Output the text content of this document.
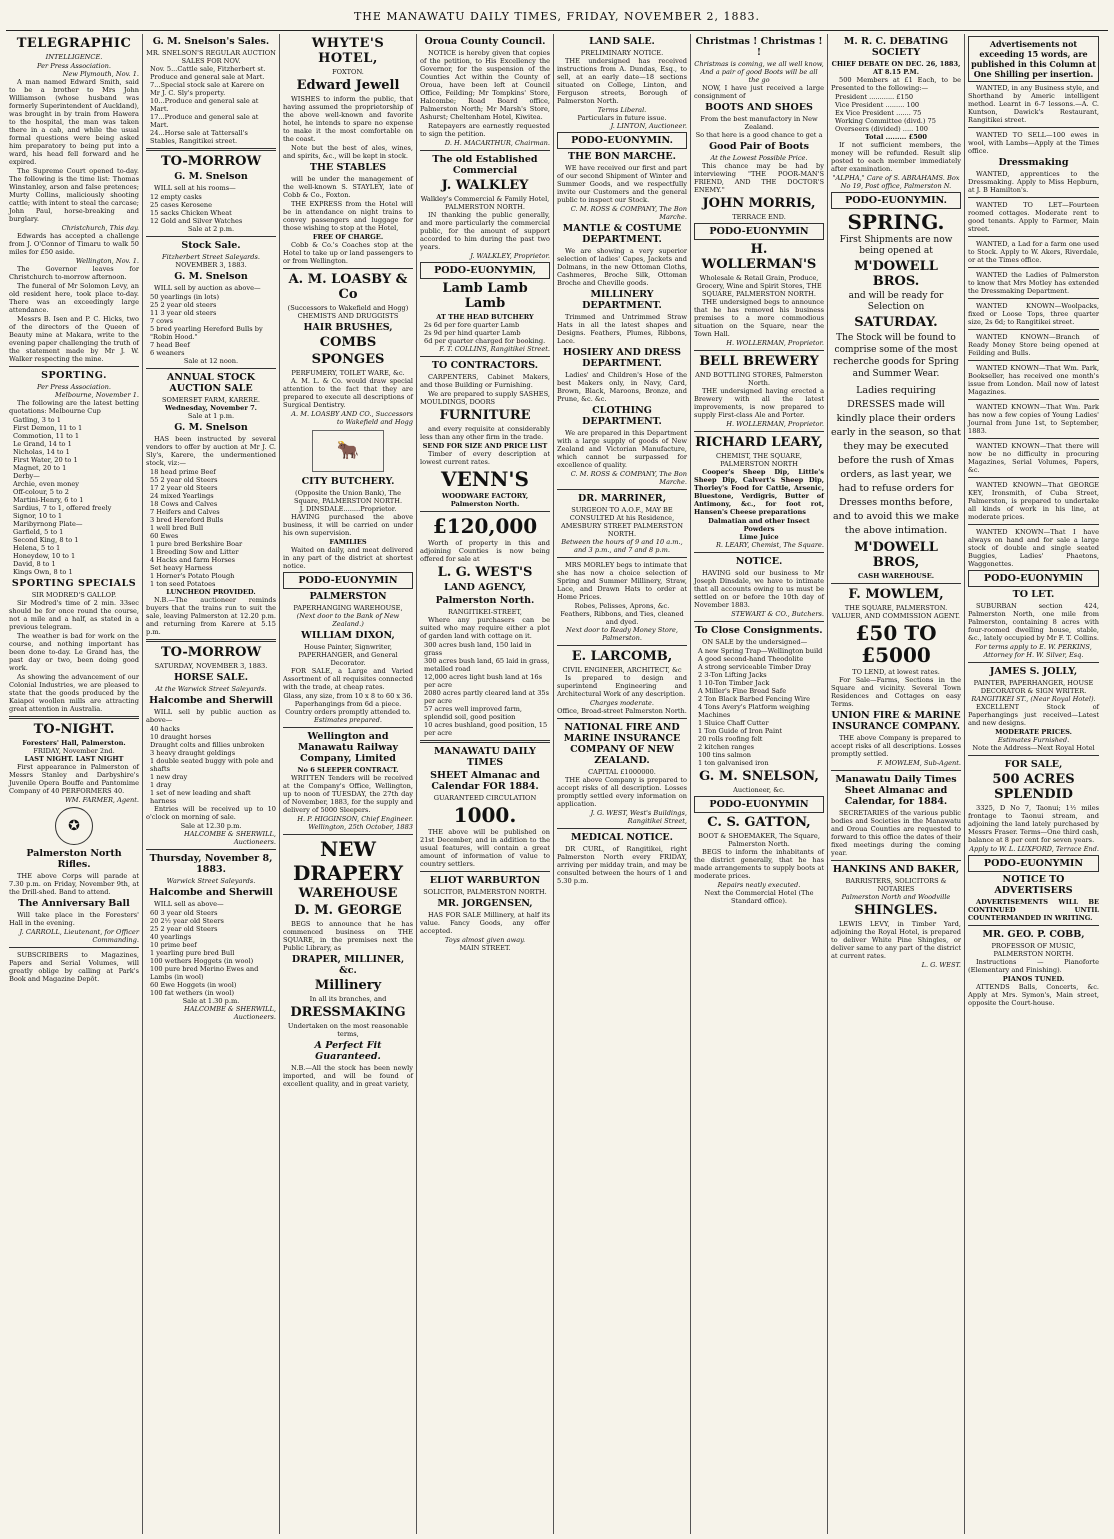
THE MANAWATU DAILY TIMES, FRIDAY, NOVEMBER 2, 1883.
TELEGRAPHIC
INTELLIGENCE.
Per Press Association.
New Plymouth, Nov. 1.

A man named Edward Smith, said to be a brother to Mrs John Williamson (whose husband was formerly Superintendent of Auckland), was brought in by train from Hawera to the hospital, the man was taken there in a cab, and while the usual formal questions were being asked him preparatory to being put into a ward, his head fell forward and he expired.

The Supreme Court opened to-day. The following is the time list: Thomas Winstanley, arson and false pretences; Murty Collins, maliciously shooting cattle; with intent to steal the carcase; John Paul, horse-breaking and burglary.

Christchurch, This day.

Edwards has accepted a challenge from J. O'Connor of Timaru to walk 50 miles for £50 aside.

Wellington, Nov. 1.

The Governor leaves for Christchurch to-morrow afternoon.

The funeral of Mr Solomon Levy, an old resident here, took place to-day. There was an exceedingly large attendance.

Messrs B. Isen and P. C. Hicks, two of the directors of the Queen of Beauty mine at Makara, write to the evening paper challenging the truth of the statement made by Mr J. W. Walker respecting the mine.

SPORTING.
Per Press Association.
Melbourne, November 1.

The following are the latest betting quotations: Melbourne Cup

Gatling, 3 to 1
First Demon, 11 to 1
Commotion, 11 to 1
Le Grand, 14 to 1
Nicholas, 14 to 1
First Water, 20 to 1
Magnet, 20 to 1
Derby—
Archie, even money
Off-colour, 5 to 2
Martini-Henry, 6 to 1
Sardius, 7 to 1, offered freely
Signor, 10 to 1
Maribyrnong Plate—
Garfield, 5 to 1
Second King, 8 to 1
Helena, 5 to 1
Honeydew, 10 to 1
David, 8 to 1
Kings Own, 8 to 1
SPORTING SPECIALS
SIR MODRED'S GALLOP.

Sir Modred's time of 2 min. 33sec should be for once round the course, not a mile and a half, as stated in a previous telegram.

The weather is bad for work on the course, and nothing important has been done to-day. Le Grand has, the past day or two, been doing good work.

As showing the advancement of our Colonial Industries, we are pleased to state that the goods produced by the Kaiapoi woollen mills are attracting great attention in Australia.

TO-NIGHT.
Foresters' Hall, Palmerston.
FRIDAY, November 2nd.
LAST NIGHT. LAST NIGHT

First appearance in Palmerston of Messrs Stanley and Darbyshire's Juvenile Opera Bouffe and Pantomime Company of 40 PERFORMERS 40.

WM. FARMER, Agent.
✪
Palmerston North Rifles.

THE above Corps will parade at 7.30 p.m. on Friday, November 9th, at the Drill-shed. Band to attend.

The Anniversary Ball

Will take place in the Foresters' Hall in the evening.

J. CARROLL, Lieutenant, for Officer Commanding.

SUBSCRIBERS to Magazines, Papers and Serial Volumes, will greatly oblige by calling at Park's Book and Magazine Depôt.

G. M. Snelson's Sales.
MR. SNELSON'S REGULAR AUCTION SALES FOR NOV.
Nov. 5...Cattle sale, Fitzherbert st.
Produce and general sale at Mart.
7...Special stock sale at Karere on Mr J. C. Sly's property.
10...Produce and general sale at Mart.
17...Produce and general sale at Mart.
24...Horse sale at Tattersall's Stables, Rangitikei street.
TO-MORROW
G. M. Snelson

WILL sell at his rooms—

12 empty casks
25 cases Kerosene
15 sacks Chicken Wheat
12 Gold and Silver Watches
Sale at 2 p.m.
Stock Sale.
Fitzherbert Street Saleyards.
NOVEMBER 3, 1883.
G. M. Snelson

WILL sell by auction as above—

50 yearlings (in lots)
25 2 year old steers
11 3 year old steers
7 cows
5 bred yearling Hereford Bulls by "Robin Hood."
7 head Beef
6 weaners
Sale at 12 noon.
ANNUAL STOCK AUCTION SALE
SOMERSET FARM, KARERE.
Wednesday, November 7.
Sale at 1 p.m.
G. M. Snelson

HAS been instructed by several vendors to offer by auction at Mr J. C. Sly's, Karere, the undermentioned stock, viz:—

18 head prime Beef
55 2 year old Steers
17 2 year old Steers
24 mixed Yearlings
18 Cows and Calves
7 Heifers and Calves
3 bred Hereford Bulls
1 well bred Bull
60 Ewes
1 pure bred Berkshire Boar
1 Breeding Sow and Litter
4 Hacks and farm Horses
Set heavy Harness
1 Horner's Potato Plough
1 ton seed Potatoes
LUNCHEON PROVIDED.

N.B.—The auctioneer reminds buyers that the trains run to suit the sale, leaving Palmerston at 12.20 p.m. and returning from Karere at 5.15 p.m.

TO-MORROW
SATURDAY, NOVEMBER 3, 1883.
HORSE SALE.
At the Warwick Street Saleyards.
Halcombe and Sherwill

WILL sell by public auction as above—

40 hacks
10 draught horses
Draught colts and fillies unbroken
3 heavy draught geldings
1 double seated buggy with pole and shafts
1 new dray
1 dray
1 set of new leading and shaft harness

Entries will be received up to 10 o'clock on morning of sale.

Sale at 12.30 p.m.
HALCOMBE & SHERWILL, Auctioneers.
Thursday, November 8, 1883.
Warwick Street Saleyards.
Halcombe and Sherwill

WILL sell as above—

60 3 year old Steers
20 2½ year old Steers
25 2 year old Steers
40 yearlings
10 prime beef
1 yearling pure bred Bull
100 wethers Hoggets (in wool)
100 pure bred Merino Ewes and Lambs (in wool)
60 Ewe Hoggets (in wool)
100 fat wethers (in wool)
Sale at 1.30 p.m.
HALCOMBE & SHERWILL, Auctioneers.
WHYTE'S HOTEL,
FOXTON.
Edward Jewell

WISHES to inform the public, that having assumed the proprietorship of the above well-known and favorite hotel, he intends to spare no expense to make it the most comfortable on the coast.

Note but the best of ales, wines, and spirits, &c., will be kept in stock.

THE STABLES

will be under the management of the well-known S. STAYLEY, late of Cobb & Co., Foxton.

THE EXPRESS from the Hotel will be in attendance on night trains to convey passengers and luggage for those wishing to stop at the Hotel,

FREE OF CHARGE.

Cobb & Co.'s Coaches stop at the Hotel to take up or land passengers to or from Wellington.

A. M. LOASBY & Co
(Successors to Wakefield and Hogg) CHEMISTS AND DRUGGISTS
HAIR BRUSHES,
COMBS
SPONGES
PERFUMERY, TOILET WARE, &c.

A. M. L. & Co. would draw special attention to the fact that they are prepared to execute all descriptions of Surgical Dentistry.

A. M. LOASBY AND CO., Successors to Wakefield and Hogg
🐂
CITY BUTCHERY.
(Opposite the Union Bank), The Square, PALMERSTON NORTH.
J. DINSDALE........Proprietor.

HAVING purchased the above business, it will be carried on under his own supervision.

FAMILIES

Waited on daily, and meat delivered in any part of the district at shortest notice.

PODO-EUONYMIN
PALMERSTON
PAPERHANGING WAREHOUSE,
(Next door to the Bank of New Zealand.)
WILLIAM DIXON,
House Painter, Signwriter, PAPERHANGER, and General Decorator.

FOR SALE, a Large and Varied Assortment of all requisites connected with the trade, at cheap rates.

Glass, any size, from 10 x 8 to 60 x 36.
Paperhangings from 6d a piece.
Country orders promptly attended to.
Estimates prepared.
Wellington and Manawatu Railway Company, Limited
No 6 SLEEPER CONTRACT.

WRITTEN Tenders will be received at the Company's Office, Wellington, up to noon of TUESDAY, the 27th day of November, 1883, for the supply and delivery of 5000 Sleepers.

H. P. HIGGINSON, Chief Engineer. Wellington, 25th October, 1883
NEW
DRAPERY
WAREHOUSE
D. M. GEORGE

BEGS to announce that he has commenced business on THE SQUARE, in the premises next the Public Library, as

DRAPER, MILLINER, &c.
Millinery
In all its branches, and
DRESSMAKING
Undertaken on the most reasonable terms,
A Perfect Fit Guaranteed.

N.B.—All the stock has been newly imported, and will be found of excellent quality, and in great variety,

Oroua County Council.

NOTICE is hereby given that copies of the petition, to His Excellency the Governor, for the suspension of the Counties Act within the County of Oroua, have been left at Council Office, Feilding; Mr Tompkins' Store, Halcombe; Road Board office, Palmerston North; Mr Marsh's Store, Ashurst; Cheltenham Hotel, Kiwitea.

Ratepayers are earnestly requested to sign the petition.

D. H. MACARTHUR, Chairman.
The old Established Commercial
J. WALKLEY
Walkley's Commercial & Family Hotel, PALMERSTON NORTH.

IN thanking the public generally, and more particularly the commercial public, for the amount of support accorded to him during the past two years.

J. WALKLEY, Proprietor.
PODO-EUONYMIN,
Lamb Lamb Lamb
AT THE HEAD BUTCHERY
2s 6d per fore quarter Lamb
2s 9d per hind quarter Lamb
6d per quarter charged for booking.
F. T. COLLINS, Rangitikei Street.
TO CONTRACTORS.

CARPENTERS, Cabinet Makers, and those Building or Furnishing.

We are prepared to supply SASHES, MOULDINGS, DOORS

FURNITURE

and every requisite at considerably less than any other firm in the trade.

SEND FOR SIZE AND PRICE LIST

Timber of every description at lowest current rates.

VENN'S
WOODWARE FACTORY, Palmerston North.
£120,000

Worth of property in this and adjoining Counties is now being offered for sale at

L. G. WEST'S
LAND AGENCY,
Palmerston North.
RANGITIKEI-STREET,

Where any purchasers can be suited who may require either a plot of garden land with cottage on it.

300 acres bush land, 150 laid in grass
300 acres bush land, 65 laid in grass, metalled road
12,000 acres light bush land at 16s per acre
2080 acres partly cleared land at 35s per acre
57 acres well improved farm, splendid soil, good position
10 acres bushland, good position, 15 per acre
MANAWATU DAILY TIMES
SHEET Almanac and Calendar FOR 1884.
GUARANTEED CIRCULATION
1000.

THE above will be published on 21st December, and in addition to the usual features, will contain a great amount of information of value to country settlers.

ELIOT WARBURTON
SOLICITOR, PALMERSTON NORTH.
MR. JORGENSEN,

HAS FOR SALE Millinery, at half its value. Fancy Goods, any offer accepted.

Toys almost given away.
MAIN STREET.
LAND SALE.
PRELIMINARY NOTICE.

THE undersigned has received instructions from A. Dundas, Esq., to sell, at an early date—18 sections situated on College, Linton, and Ferguson streets, Borough of Palmerston North.

Terms Liberal.
Particulars in future issue.
J. LINTON, Auctioneer.
PODO-EUONYMIN.
THE BON MARCHE.

WE have received our first and part of our second Shipment of Winter and Summer Goods, and we respectfully invite our Customers and the general public to inspect our Stock.

C. M. ROSS & COMPANY, The Bon Marche.
MANTLE & COSTUME DEPARTMENT.

We are showing a very superior selection of ladies' Capes, Jackets and Dolmans, in the new Ottoman Cloths, Cashmeres, Broche Silk, Ottoman Broche and Cheville goods.

MILLINERY DEPARTMENT.

Trimmed and Untrimmed Straw Hats in all the latest shapes and Designs. Feathers, Plumes, Ribbons, Lace.

HOSIERY AND DRESS DEPARTMENT.

Ladies' and Children's Hose of the best Makers only, in Navy, Card, Brown, Black, Maroons, Bronze, and Prune, &c. &c.

CLOTHING DEPARTMENT.

We are prepared in this Department with a large supply of goods of New Zealand and Victorian Manufacture, which cannot be surpassed for excellence of quality.

C. M. ROSS & COMPANY, The Bon Marche.
DR. MARRINER,
SURGEON TO A.O.F., MAY BE CONSULTED At his Residence, AMESBURY STREET PALMERSTON NORTH.
Between the hours of 9 and 10 a.m., and 3 p.m., and 7 and 8 p.m.

MRS MORLEY begs to intimate that she has now a choice selection of Spring and Summer Millinery, Straw, Lace, and Drawn Hats to order at Home Prices.

Robes, Pelisses, Aprons, &c.
Feathers, Ribbons, and Ties, cleaned and dyed.
Next door to Ready Money Store, Palmerston.
E. LARCOMB,
CIVIL ENGINEER, ARCHITECT, &c

Is prepared to design and superintend Engineering and Architectural Work of any description.

Charges moderate.
Office, Broad-street Palmerston North.
NATIONAL FIRE AND MARINE INSURANCE COMPANY OF NEW ZEALAND.
CAPITAL £1000000.

THE above Company is prepared to accept risks of all description. Losses promptly settled every information on application.

J. G. WEST, West's Buildings, Rangitikei Street,
MEDICAL NOTICE.

DR CURL, of Rangitikei, right Palmerston North every FRIDAY, arriving per midday train, and may be consulted between the hours of 1 and 5.30 p.m.

Christmas ! Christmas ! !
Christmas is coming, we all well know, And a pair of good Boots will be all the go

NOW, I have just received a large consignment of

BOOTS AND SHOES
From the best manufactory in New Zealand.
So that here is a good chance to get a
Good Pair of Boots
At the Lowest Possible Price.

This chance may be had by interviewing "THE POOR-MAN'S FRIEND, AND THE DOCTOR'S ENEMY."

JOHN MORRIS,
TERRACE END.
PODO-EUONYMIN
H. WOLLERMAN'S
Wholesale & Retail Grain, Produce, Grocery, Wine and Spirit Stores, THE SQUARE, PALMERSTON NORTH.

THE undersigned begs to announce that he has removed his business premises to a more commodious situation on the Square, near the Town Hall.

H. WOLLERMAN, Proprietor.
BELL BREWERY
AND BOTTLING STORES, Palmerston North.

THE undersigned having erected a Brewery with all the latest improvements, is now prepared to supply First-class Ale and Porter.

H. WOLLERMAN, Proprietor.
RICHARD LEARY,
CHEMIST, THE SQUARE, PALMERSTON NORTH

Cooper's Sheep Dip, Little's Sheep Dip, Calvert's Sheep Dip, Thorley's Food for Cattle, Arsenic, Bluestone, Verdigris, Butter of Antimony, &c., for foot rot, Hansen's Cheese preparations

Dalmatian and other Insect Powders
Lime Juice
R. LEARY, Chemist, The Square.
NOTICE.

HAVING sold our business to Mr Joseph Dinsdale, we have to intimate that all accounts owing to us must be settled on or before the 10th day of November 1883.

STEWART & CO., Butchers.
To Close Consignments.

ON SALE by the undersigned—

A new Spring Trap—Wellington build
A good second-hand Theodolite
A strong serviceable Timber Dray
2 3-Ton Lifting Jacks
1 10-Ton Timber Jack
A Miller's Fine Bread Safe
2 Ton Black Barbed Fencing Wire
4 Tons Avery's Platform weighing Machines
1 Sluice Chaff Cutter
1 Ton Guide of Iron Paint
20 rolls roofing felt
2 kitchen ranges
100 tins salmon
1 ton galvanised iron
G. M. SNELSON,
Auctioneer, &c.
PODO-EUONYMIN
C. S. GATTON,
BOOT & SHOEMAKER, The Square, Palmerston North.

BEGS to inform the inhabitants of the district generally, that he has made arrangements to supply boots at moderate prices.

Repairs neatly executed.
Next the Commercial Hotel (The Standard office).
M. R. C. DEBATING SOCIETY
CHIEF DEBATE ON DEC. 26, 1883, AT 8.15 P.M.

500 Members at £1 Each, to be Presented to the following:—

President ............ £150
Vice President ......... 100
Ex Vice President ....... 75
Working Committee (divd.) 75
Overseers (divided) ..... 100
Total ......... £500

If not sufficient members, the money will be refunded. Result slip posted to each member immediately after examination.

"ALPHA," Care of S. ABRAHAMS. Box No 19, Post office, Palmerston N.
PODO-EUONYMIN.
SPRING.
First Shipments are now being opened at
M'DOWELL BROS.
and will be ready for Selection on
SATURDAY.
The Stock will be found to comprise some of the most recherche goods for Spring and Summer Wear.
Ladies requiring DRESSES made will kindly place their orders early in the season, so that they may be executed before the rush of Xmas orders, as last year, we had to refuse orders for Dresses months before, and to avoid this we make the above intimation.
M'DOWELL BROS,
CASH WAREHOUSE.
F. MOWLEM,
THE SQUARE, PALMERSTON. VALUER, AND COMMISSION AGENT.
£50 TO £5000
TO LEND, at lowest rates.

For Sale—Farms, Sections in the Square and vicinity. Several Town Residences and Cottages on easy Terms.

UNION FIRE & MARINE INSURANCE COMPANY.

THE above Company is prepared to accept risks of all descriptions. Losses promptly settled.

F. MOWLEM, Sub-Agent.
Manawatu Daily Times Sheet Almanac and Calendar, for 1884.

SECRETARIES of the various public bodies and Societies in the Manawatu and Oroua Counties are requested to forward to this office the dates of their fixed meetings during the coming year.

HANKINS AND BAKER,
BARRISTERS, SOLICITORS & NOTARIES
Palmerston North and Woodville
SHINGLES.

LEWIS LEVY, in Timber Yard, adjoining the Royal Hotel, is prepared to deliver White Pine Shingles, or deliver same to any part of the district at current rates.

L. G. WEST.
Advertisements not exceeding 15 words, are published in this Column at One Shilling per insertion.

WANTED, in any Business style, and Shorthand by Americ intelligent method. Learnt in 6-7 lessons.—A. C. Kuntson, Dawick's Restaurant, Rangitikei street.

WANTED TO SELL—100 ewes in wool, with Lambs—Apply at the Times office.

Dressmaking

WANTED, apprentices to the Dressmaking. Apply to Miss Hepburn, at J. B Hamilton's.

WANTED TO LET—Fourteen roomed cottages. Moderate rent to good tenants. Apply to Farmer, Main street.

WANTED, a Lad for a farm one used to Stock. Apply to W. Akers, Riverdale, or at the Times office.

WANTED the Ladies of Palmerston to know that Mrs Motley has extended the Dressmaking Department.

WANTED KNOWN—Woolpacks, fixed or Loose Tops, three quarter size, 2s 6d; to Rangitikei street.

WANTED KNOWN—Branch of Ready Money Store being opened at Feilding and Bulls.

WANTED KNOWN—That Wm. Park, Bookseller, has received one month's issue from London. Mail now of latest Magazines.

WANTED KNOWN—That Wm. Park has now a few copies of Young Ladies' Journal from June 1st, to September, 1883.

WANTED KNOWN—That there will now be no difficulty in procuring Magazines, Serial Volumes, Papers, &c.

WANTED KNOWN—That GEORGE KEY, Ironsmith, of Cuba Street, Palmerston, is prepared to undertake all kinds of work in his line, at moderate prices.

WANTED KNOWN—That I have always on hand and for sale a large stock of double and single seated Buggies, Ladies' Phaetons, Waggonettes.

PODO-EUONYMIN
TO LET.

SUBURBAN section 424, Palmerston North, one mile from Palmerston, containing 8 acres with four-roomed dwelling house, stable, &c., lately occupied by Mr F. T. Collins.

For terms apply to E. W. PERKINS, Attorney for H. W. Silver, Esq.
JAMES S. JOLLY,
PAINTER, PAPERHANGER, HOUSE DECORATOR & SIGN WRITER.
RANGITIKEI ST., (Near Royal Hotel).

EXCELLENT Stock of Paperhangings just received—Latest and new designs.

MODERATE PRICES.
Estimates Furnished.
Note the Address—Next Royal Hotel
FOR SALE,
500 ACRES SPLENDID

3325, D No 7, Taonui; 1½ miles frontage to Taonui stream, and adjoining the land lately purchased by Messrs Fraser. Terms—One third cash, balance at 8 per cent for seven years.

Apply to W. L. LUXFORD, Terrace End.
PODO-EUONYMIN
NOTICE TO ADVERTISERS

ADVERTISEMENTS WILL BE CONTINUED UNTIL COUNTERMANDED IN WRITING.

MR. GEO. P. COBB,
PROFESSOR OF MUSIC,
PALMERSTON NORTH.

Instructions — Pianoforte (Elementary and Finishing).

PIANOS TUNED.

ATTENDS Balls, Concerts, &c. Apply at Mrs. Symon's, Main street, opposite the Court-house.
